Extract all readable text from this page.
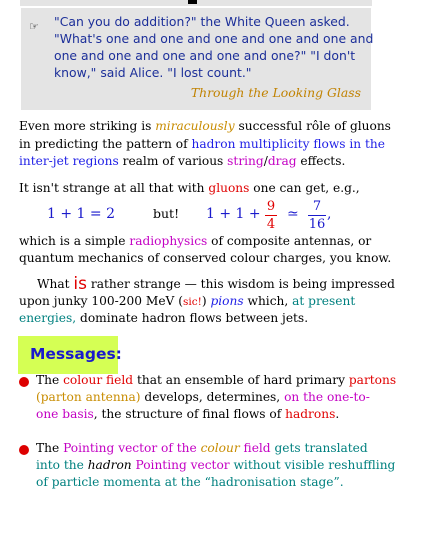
☞ "Can you do addition?" the White Queen asked.
"What's one and one and one and one and one and
one and one and one and one and one?" "I don't
know," said Alice. "I lost count."
Through the Looking Glass
Even more striking is miraculously successful rôle of gluons
in predicting the pattern of hadron multiplicity flows in the
inter-jet regions realm of various string/drag effects.
It isn't strange at all that with gluons one can get, e.g.,
1 + 1 = 2	but! 1 + 1 + 9
4
≃	7
16
,
which is a simple radiophysics of composite antennas, or
quantum mechanics of conserved colour charges, you know.
What is rather strange — this wisdom is being impressed
upon junky 100-200 MeV (sic!) pions which, at present
energies, dominate hadron flows between jets.
Messages:
The colour field that an ensemble of hard primary partons
(parton antenna) develops, determines, on the one-to-
one basis, the structure of final flows of hadrons.
The Pointing vector of the colour field gets translated
into the hadron Pointing vector without visible reshuffling
of particle momenta at the “hadronisation stage”.
